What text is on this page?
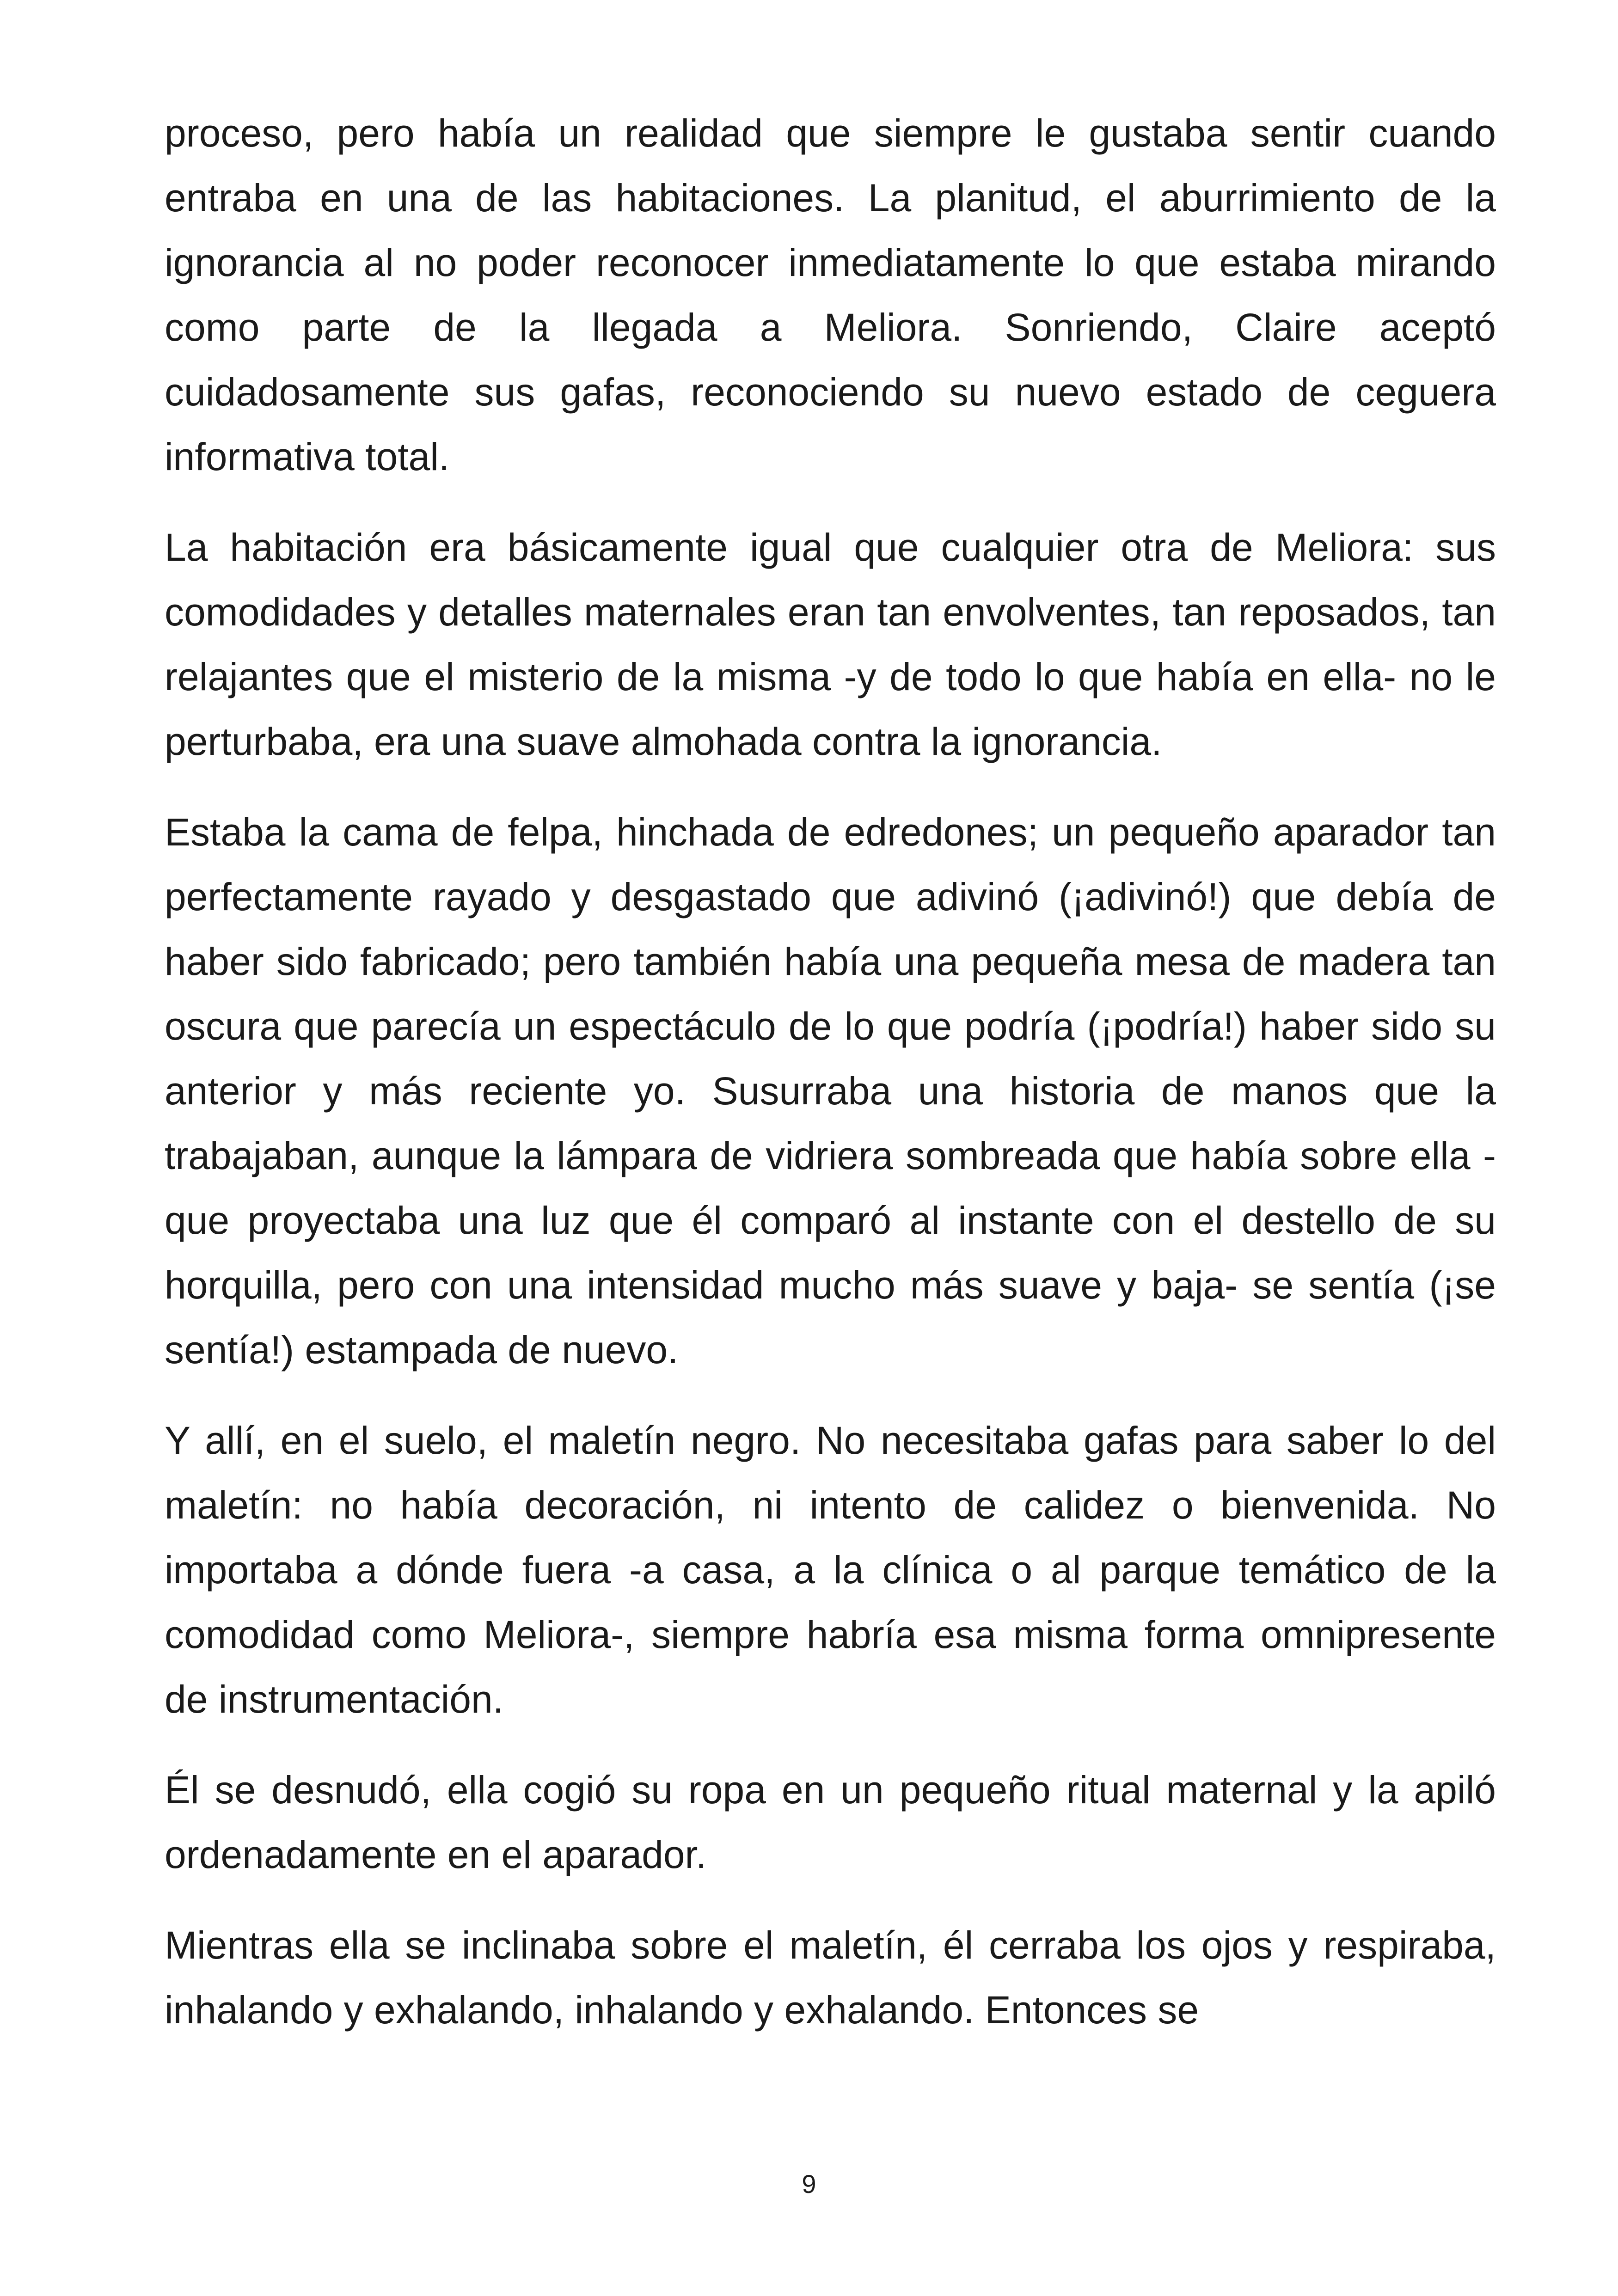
proceso, pero había un realidad que siempre le gustaba sentir cuando entraba en una de las habitaciones. La planitud, el aburrimiento de la ignorancia al no poder reconocer inmediatamente lo que estaba mirando como parte de la llegada a Meliora. Sonriendo, Claire aceptó cuidadosamente sus gafas, reconociendo su nuevo estado de ceguera informativa total.

La habitación era básicamente igual que cualquier otra de Meliora: sus comodidades y detalles maternales eran tan envolventes, tan reposados, tan relajantes que el misterio de la misma -y de todo lo que había en ella- no le perturbaba, era una suave almohada contra la ignorancia.

Estaba la cama de felpa, hinchada de edredones; un pequeño aparador tan perfectamente rayado y desgastado que adivinó (¡adivinó!) que debía de haber sido fabricado; pero también había una pequeña mesa de madera tan oscura que parecía un espectáculo de lo que podría (¡podría!) haber sido su anterior y más reciente yo. Susurraba una historia de manos que la trabajaban, aunque la lámpara de vidriera sombreada que había sobre ella -que proyectaba una luz que él comparó al instante con el destello de su horquilla, pero con una intensidad mucho más suave y baja- se sentía (¡se sentía!) estampada de nuevo.

Y allí, en el suelo, el maletín negro. No necesitaba gafas para saber lo del maletín: no había decoración, ni intento de calidez o bienvenida. No importaba a dónde fuera -a casa, a la clínica o al parque temático de la comodidad como Meliora-, siempre habría esa misma forma omnipresente de instrumentación.

Él se desnudó, ella cogió su ropa en un pequeño ritual maternal y la apiló ordenadamente en el aparador.

Mientras ella se inclinaba sobre el maletín, él cerraba los ojos y respiraba, inhalando y exhalando, inhalando y exhalando. Entonces se

9
